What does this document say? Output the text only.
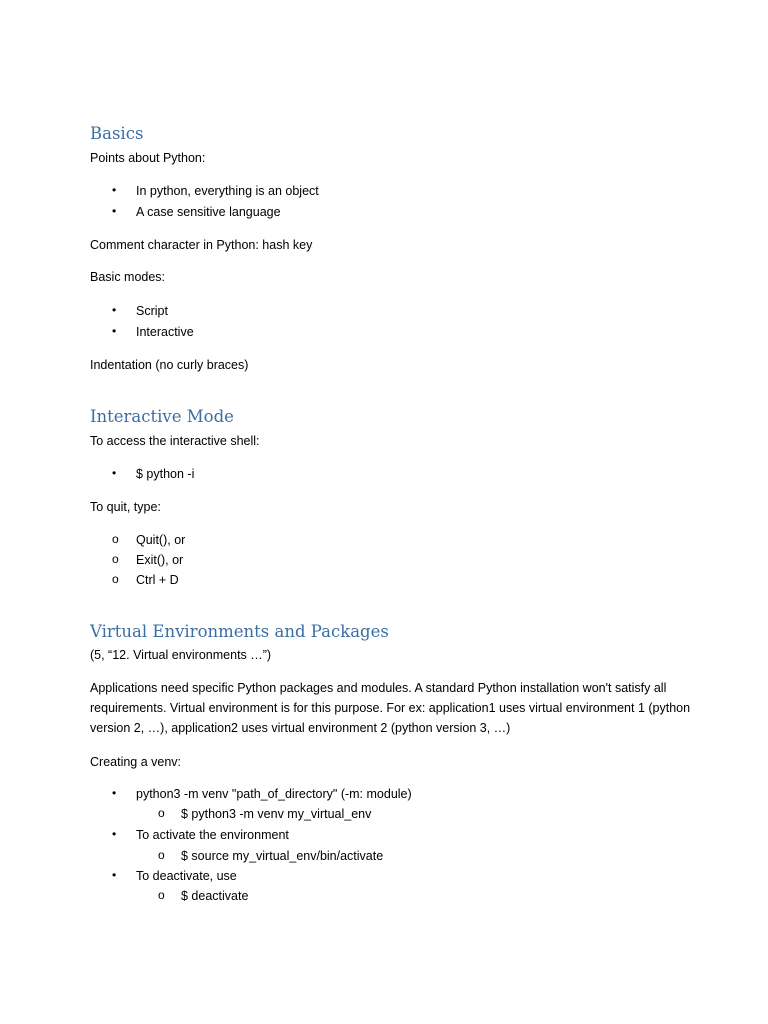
Basics
Points about Python:
• In python, everything is an object
• A case sensitive language
Comment character in Python: hash key
Basic modes:
• Script
• Interactive
Indentation (no curly braces)
Interactive Mode
To access the interactive shell:
• $ python -i
To quit, type:
o Quit(), or
o Exit(), or
o Ctrl + D
Virtual Environments and Packages
(5, “12. Virtual environments …”)
Applications need specific Python packages and modules. A standard Python installation won't satisfy all requirements. Virtual environment is for this purpose. For ex: application1 uses virtual environment 1 (python version 2, …), application2 uses virtual environment 2 (python version 3, …)
Creating a venv:
• python3 -m venv "path_of_directory" (-m: module)
o $ python3 -m venv my_virtual_env
• To activate the environment
o $ source my_virtual_env/bin/activate
• To deactivate, use
o $ deactivate
